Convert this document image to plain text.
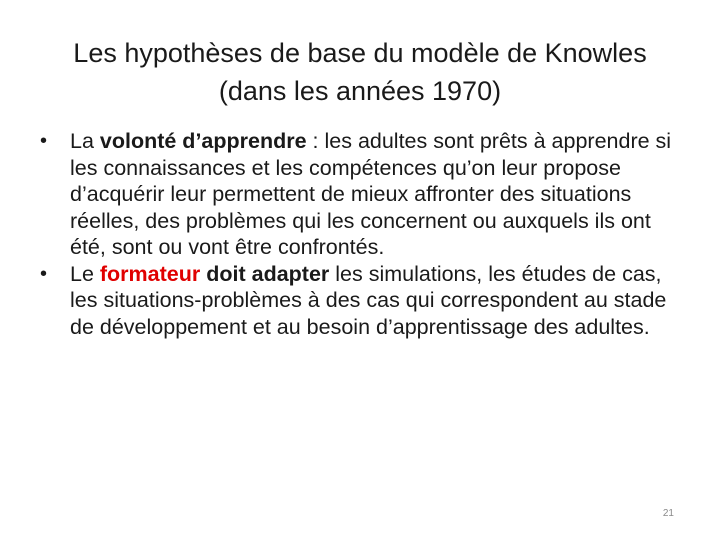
Les hypothèses de base du modèle de Knowles
(dans les années 1970)
•	La volonté d’apprendre : les adultes sont prêts à apprendre si les connaissances et les compétences qu’on leur propose d’acquérir leur permettent de mieux affronter des situations réelles, des problèmes qui les concernent ou auxquels ils ont été, sont ou vont être confrontés.
•	Le formateur doit adapter les simulations, les études de cas, les situations-problèmes à des cas qui correspondent au stade de développement et au besoin d’apprentissage des adultes.
21
